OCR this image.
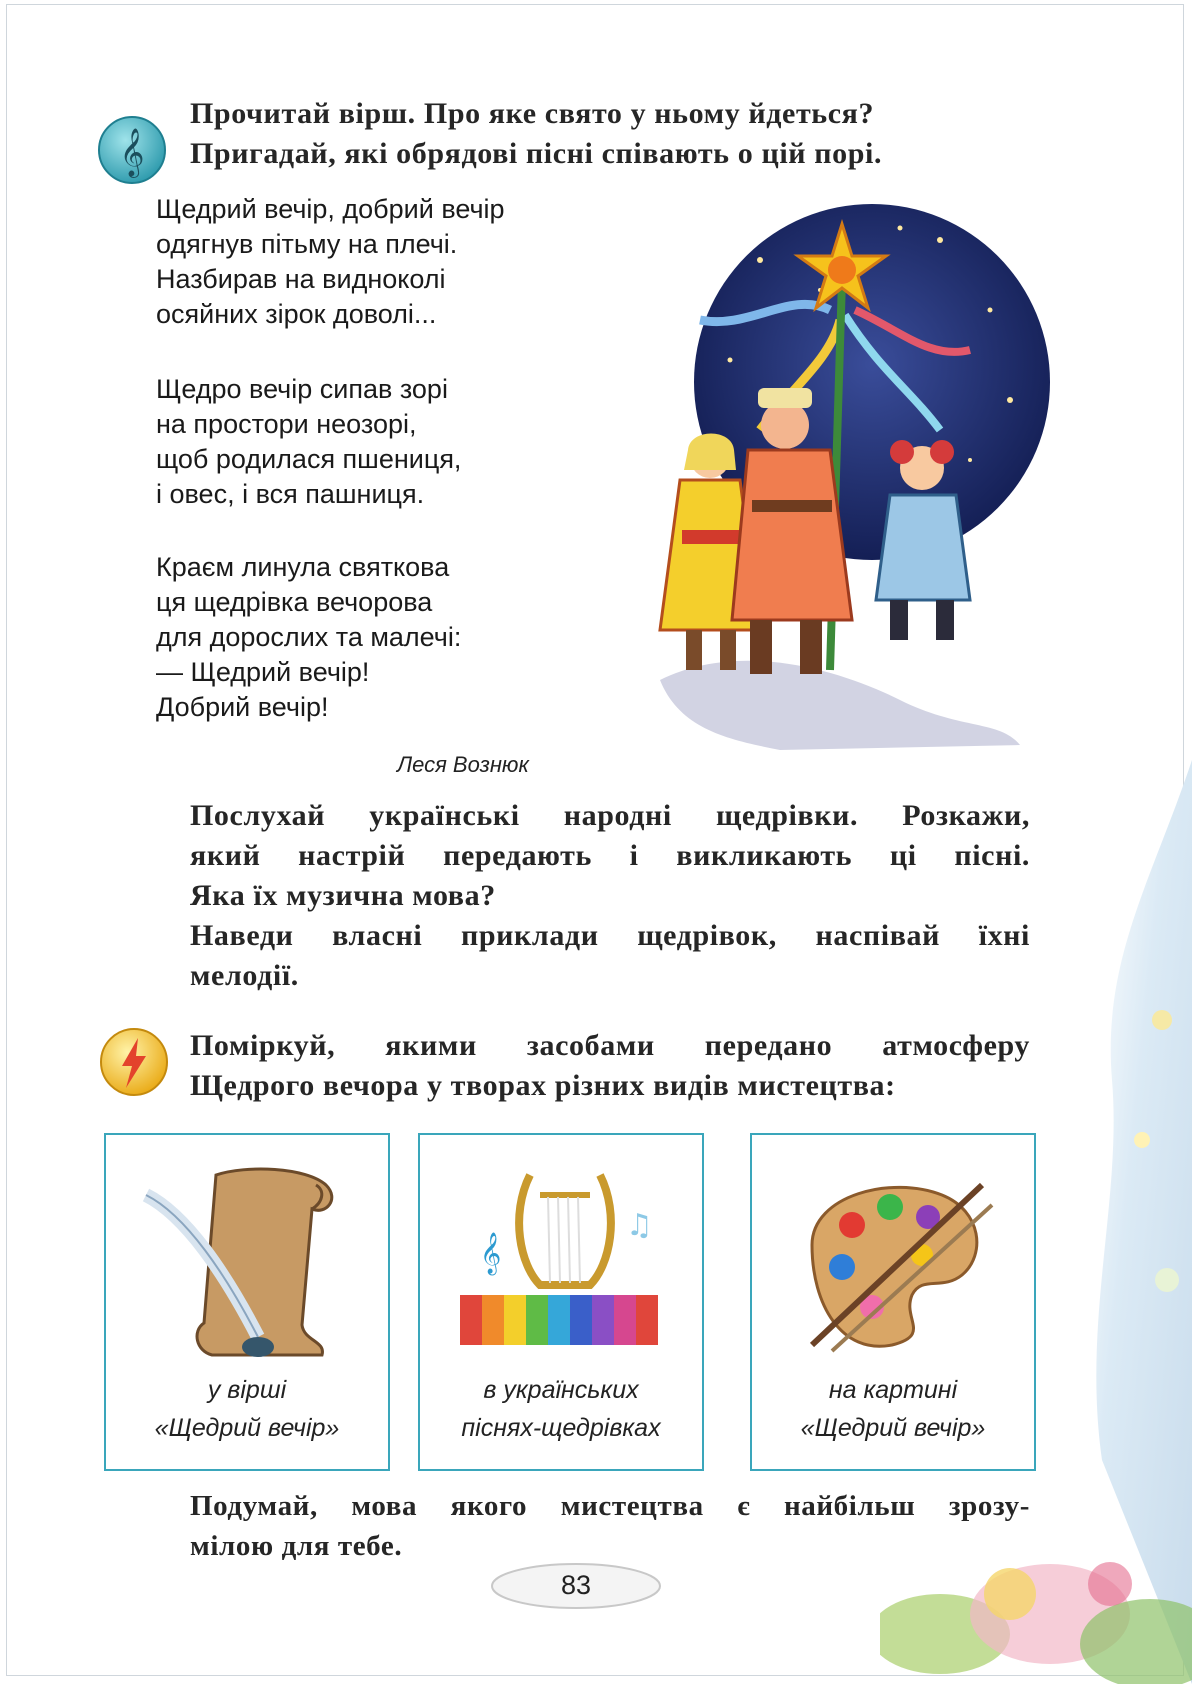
𝄞
Прочитай вірш. Про яке свято у ньому йдеться?
Пригадай, які обрядові пісні співають о цій порі.
Щедрий вечір, добрий вечір
одягнув пітьму на плечі.
Назбирав на видноколі
осяйних зірок доволі...
Щедро вечір сипав зорі
на простори неозорі,
щоб родилася пшениця,
і овес, і вся пашниця.
Краєм линула святкова
ця щедрівка вечорова
для дорослих та малечі:
— Щедрий вечір!
Добрий вечір!
Леся Вознюк
Послухай українські народні щедрівки. Розкажи,
який настрій передають і викликають ці пісні.
Яка їх музична мова?
Наведи власні приклади щедрівок, наспівай їхні
мелодії.
Поміркуй, якими засобами передано атмосферу
Щедрого вечора у творах різних видів мистецтва:
у вірші
«Щедрий вечір»
𝄞
♫
в українських
піснях-щедрівках
на картині
«Щедрий вечір»
Подумай, мова якого мистецтва є найбільш зрозу-
мілою для тебе.
83
